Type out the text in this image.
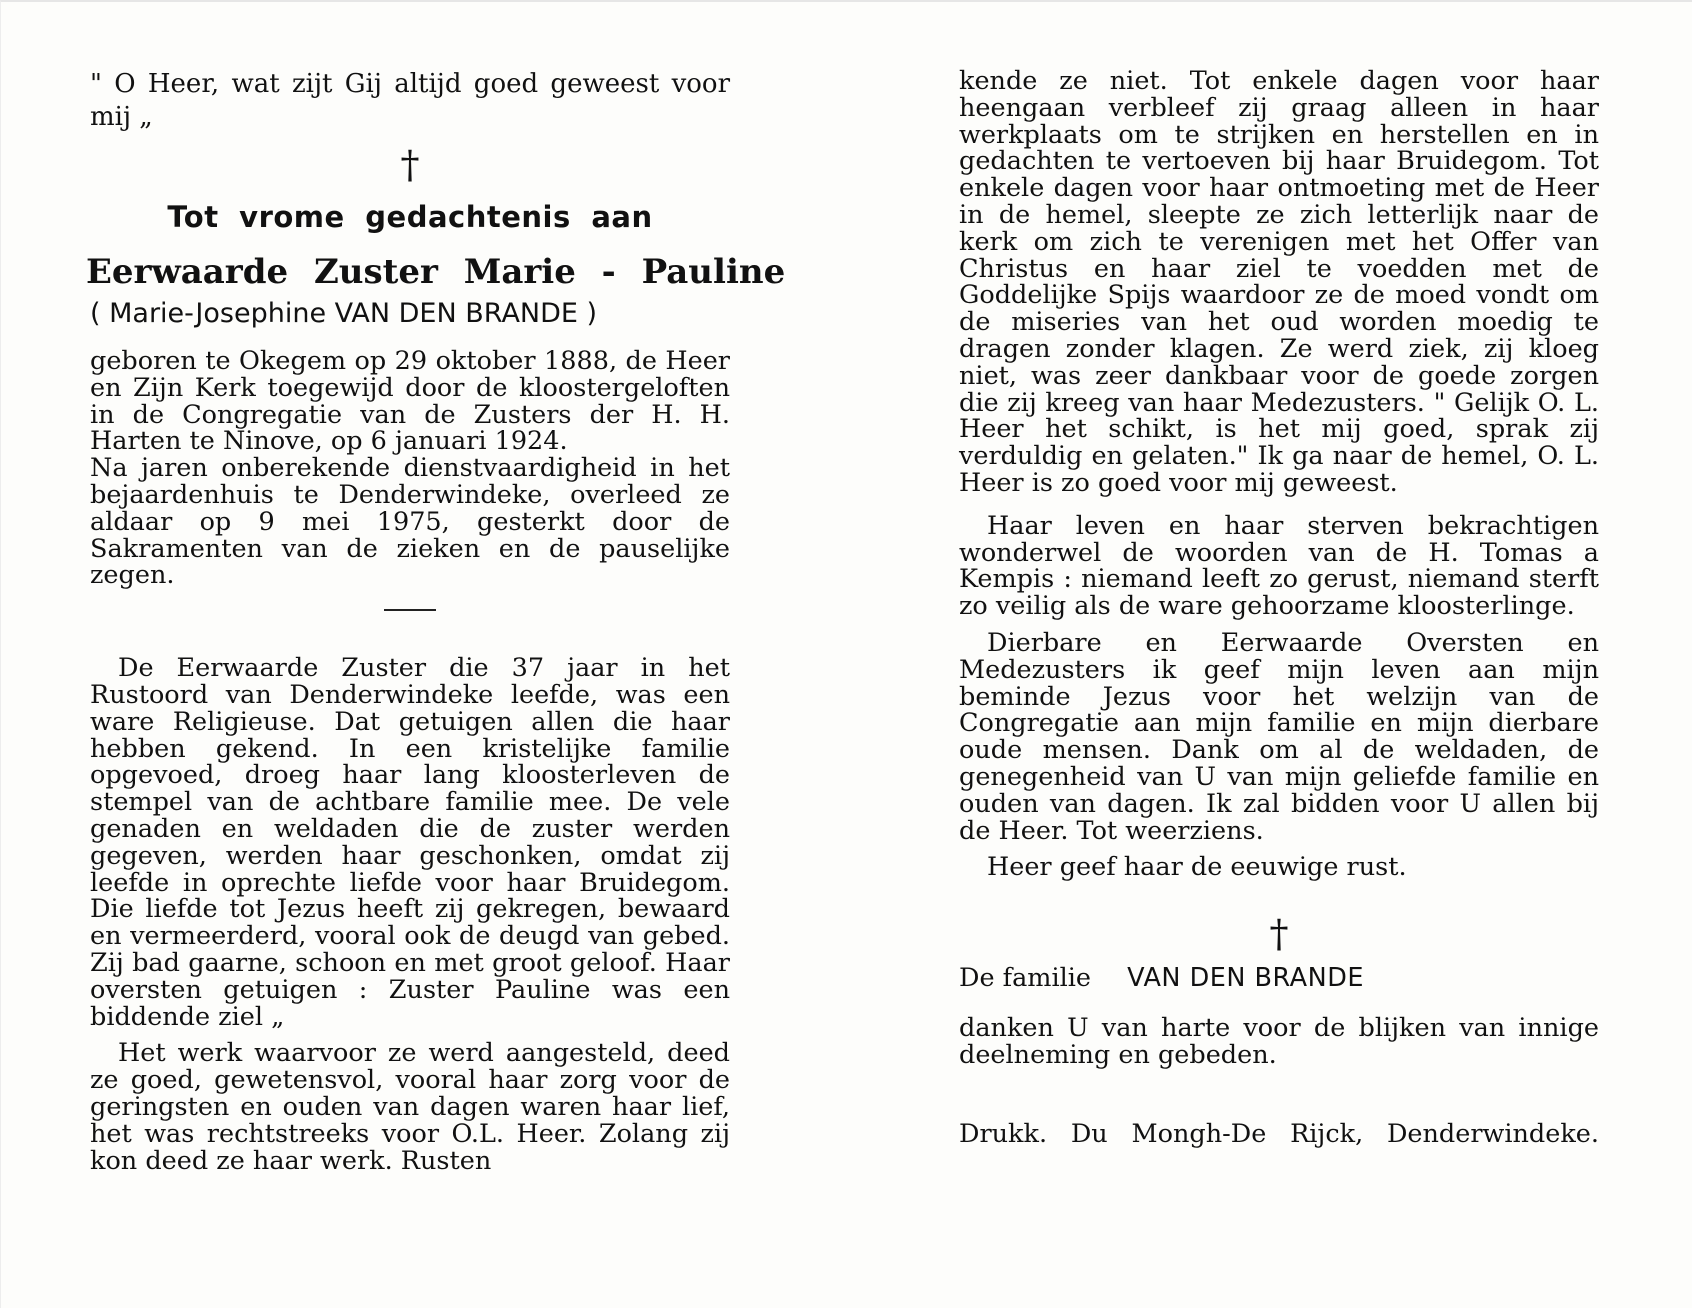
" O Heer, wat zijt Gij altijd goed geweest voor mij „

†
Tot vrome gedachtenis aan
Eerwaarde Zuster Marie - Pauline
( Marie-Josephine VAN DEN BRANDE )

geboren te Okegem op 29 oktober 1888, de Heer en Zijn Kerk toegewijd door de kloostergeloften in de Congregatie van de Zusters der H. H. Harten te Ninove, op 6 januari 1924.

Na jaren onberekende dienstvaardigheid in het bejaardenhuis te Denderwindeke, overleed ze aldaar op 9 mei 1975, gesterkt door de Sakramenten van de zieken en de pauselijke zegen.

De Eerwaarde Zuster die 37 jaar in het Rustoord van Denderwindeke leefde, was een ware Religieuse. Dat getuigen allen die haar hebben gekend. In een kristelijke familie opgevoed, droeg haar lang kloosterleven de stempel van de achtbare familie mee. De vele genaden en weldaden die de zuster werden gegeven, werden haar geschonken, omdat zij leefde in oprechte liefde voor haar Bruidegom. Die liefde tot Jezus heeft zij gekregen, bewaard en vermeerderd, vooral ook de deugd van gebed. Zij bad gaarne, schoon en met groot geloof. Haar oversten getuigen : Zuster Pauline was een biddende ziel „

Het werk waarvoor ze werd aangesteld, deed ze goed, gewetensvol, vooral haar zorg voor de geringsten en ouden van dagen waren haar lief, het was rechtstreeks voor O.L. Heer. Zolang zij kon deed ze haar werk. Rusten

kende ze niet. Tot enkele dagen voor haar heengaan verbleef zij graag alleen in haar werkplaats om te strijken en herstellen en in gedachten te vertoeven bij haar Bruidegom. Tot enkele dagen voor haar ontmoeting met de Heer in de hemel, sleepte ze zich letterlijk naar de kerk om zich te verenigen met het Offer van Christus en haar ziel te voedden met de Goddelijke Spijs waardoor ze de moed vondt om de miseries van het oud worden moedig te dragen zonder klagen. Ze werd ziek, zij kloeg niet, was zeer dankbaar voor de goede zorgen die zij kreeg van haar Medezusters. " Gelijk O. L. Heer het schikt, is het mij goed, sprak zij verduldig en gelaten." Ik ga naar de hemel, O. L. Heer is zo goed voor mij geweest.

Haar leven en haar sterven bekrachtigen wonderwel de woorden van de H. Tomas a Kempis : niemand leeft zo gerust, niemand sterft zo veilig als de ware gehoorzame kloosterlinge.

Dierbare en Eerwaarde Oversten en Medezusters ik geef mijn leven aan mijn beminde Jezus voor het welzijn van de Congregatie aan mijn familie en mijn dierbare oude mensen. Dank om al de weldaden, de genegenheid van U van mijn geliefde familie en ouden van dagen. Ik zal bidden voor U allen bij de Heer. Tot weerziens.

Heer geef haar de eeuwige rust.

†

De familie VAN DEN BRANDE

danken U van harte voor de blijken van innige deelneming en gebeden.

Drukk. Du Mongh-De Rijck, Denderwindeke.
